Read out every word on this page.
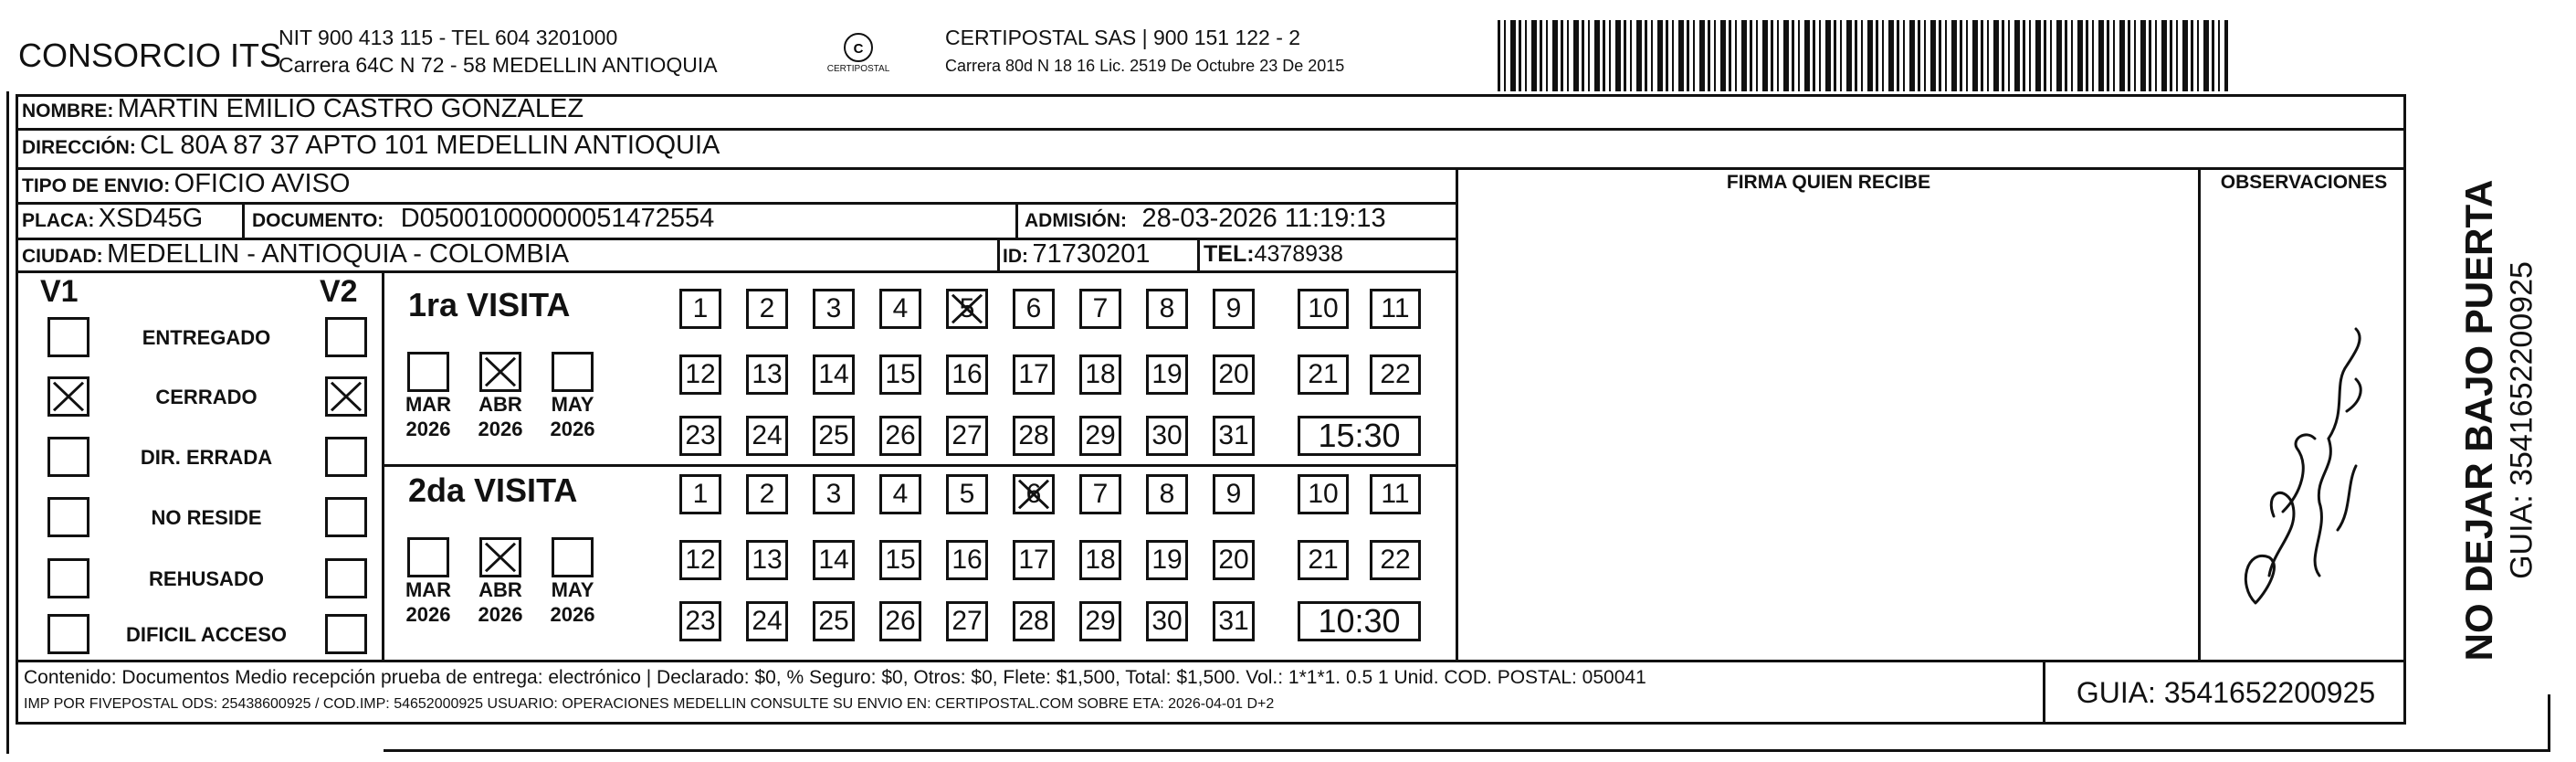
CONSORCIO ITS
NIT 900 413 115 - TEL 604 3201000
Carrera 64C N 72 - 58 MEDELLIN ANTIOQUIA
C
CERTIPOSTAL
CERTIPOSTAL SAS | 900 151 122 - 2
Carrera 80d N 18 16 Lic. 2519 De Octubre 23 De 2015
NOMBRE: MARTIN EMILIO CASTRO GONZALEZ
DIRECCIÓN: CL 80A 87 37 APTO 101 MEDELLIN ANTIOQUIA
TIPO DE ENVIO: OFICIO AVISO
PLACA: XSD45G	DOCUMENTO: D05001000000051472554	ADMISIÓN: 28-03-2026 11:19:13
CIUDAD: MEDELLIN - ANTIOQUIA - COLOMBIA	ID: 71730201 TEL:4378938
FIRMA QUIEN RECIBE	OBSERVACIONES
V1	V2
ENTREGADO
CERRADO
DIR. ERRADA
NO RESIDE
REHUSADO
DIFICIL ACCESO
1ra VISITA
2da VISITA
MAR
2026
ABR
2026
MAY
2026
1	2	3	4	5	6	7	8	9	10	11
12 13 14 15 16 17 18 19 20	21	22
23 24 25 26 27 28 29 30 31	15:30
MAR
2026
ABR
2026
MAY
2026
1	2	3	4	5	6	7	8	9	10	11
12 13 14 15 16 17 18 19 20	21	22
23 24 25 26 27 28 29 30 31	10:30	NO DEJAR BAJO PUERTA GUIA: 3541652200925
Contenido: Documentos Medio recepción prueba de entrega: electrónico | Declarado: $0, % Seguro: $0, Otros: $0, Flete: $1,500, Total: $1,500. Vol.: 1*1*1. 0.5 1 Unid. COD. POSTAL: 050041
IMP POR FIVEPOSTAL ODS: 25438600925 / COD.IMP: 54652000925 USUARIO: OPERACIONES MEDELLIN CONSULTE SU ENVIO EN: CERTIPOSTAL.COM SOBRE ETA: 2026-04-01 D+2	GUIA: 3541652200925
